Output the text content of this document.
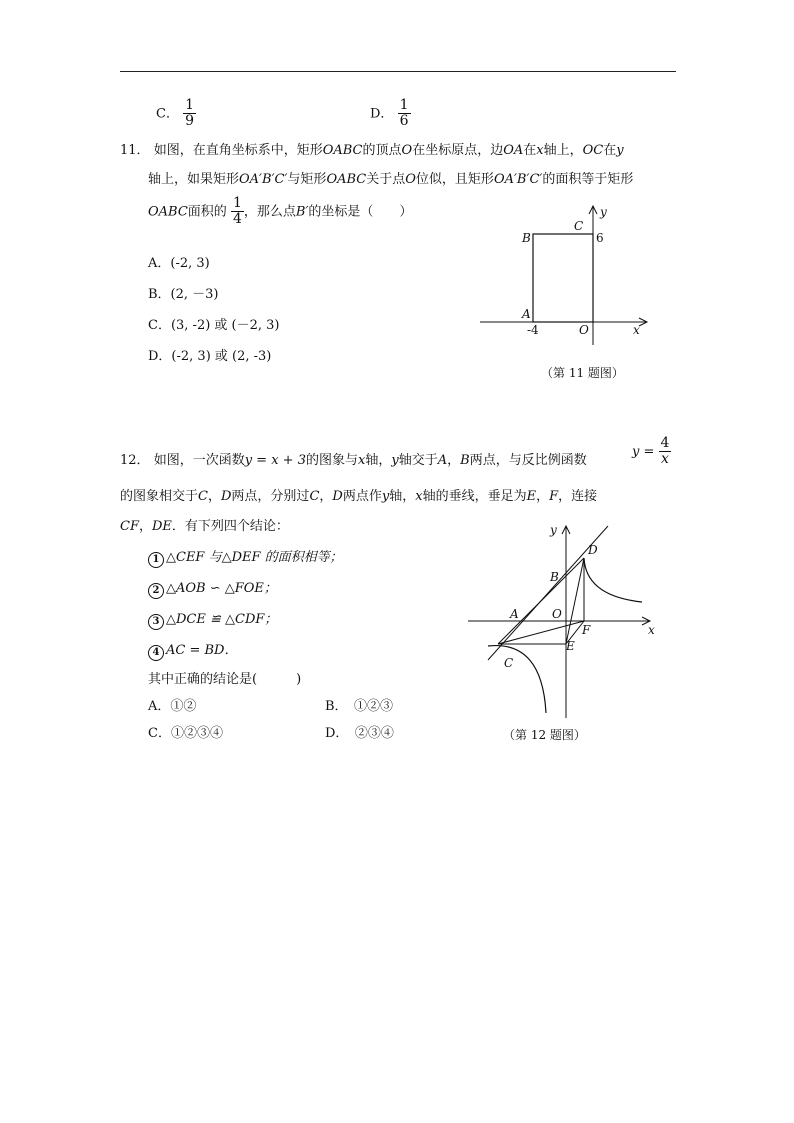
C． $\frac{1}{9}$	D． $\frac{1}{6}$
11． 如图，在直角坐标系中，矩形OABC的顶点O在坐标原点，边OA在x轴上，OC在y
轴上，如果矩形OA′B′C′与矩形OABC关于点O位似，且矩形OA′B′C′的面积等于矩形
OABC面积的 $\frac{1}{4}$ ，那么点B′的坐标是（　　）
A．(-2, 3)
B．(2, －3)
C．(3, -2) 或 (－2, 3)
D．(-2, 3) 或 (2, -3)
B
C
6
y
A
-4	O	x
（第 11 题图）
12． 如图，一次函数y = x + 3的图象与x轴，y轴交于A，B两点，与反比例函数
$y = \frac{4}{x}$
的图象相交于C，D两点，分别过C，D两点作y轴，x轴的垂线，垂足为E，F，连接
CF，DE．有下列四个结论：
1 △CEF 与△DEF 的面积相等；
2 △AOB ∽ △FOE；
3 △DCE ≌ △CDF；
4 AC = BD．
其中正确的结论是(　　　)
A．①②	B．　①②③
C．①②③④	D．　②③④
y
x
D
B
A	O
F
E
C
（第 12 题图）
